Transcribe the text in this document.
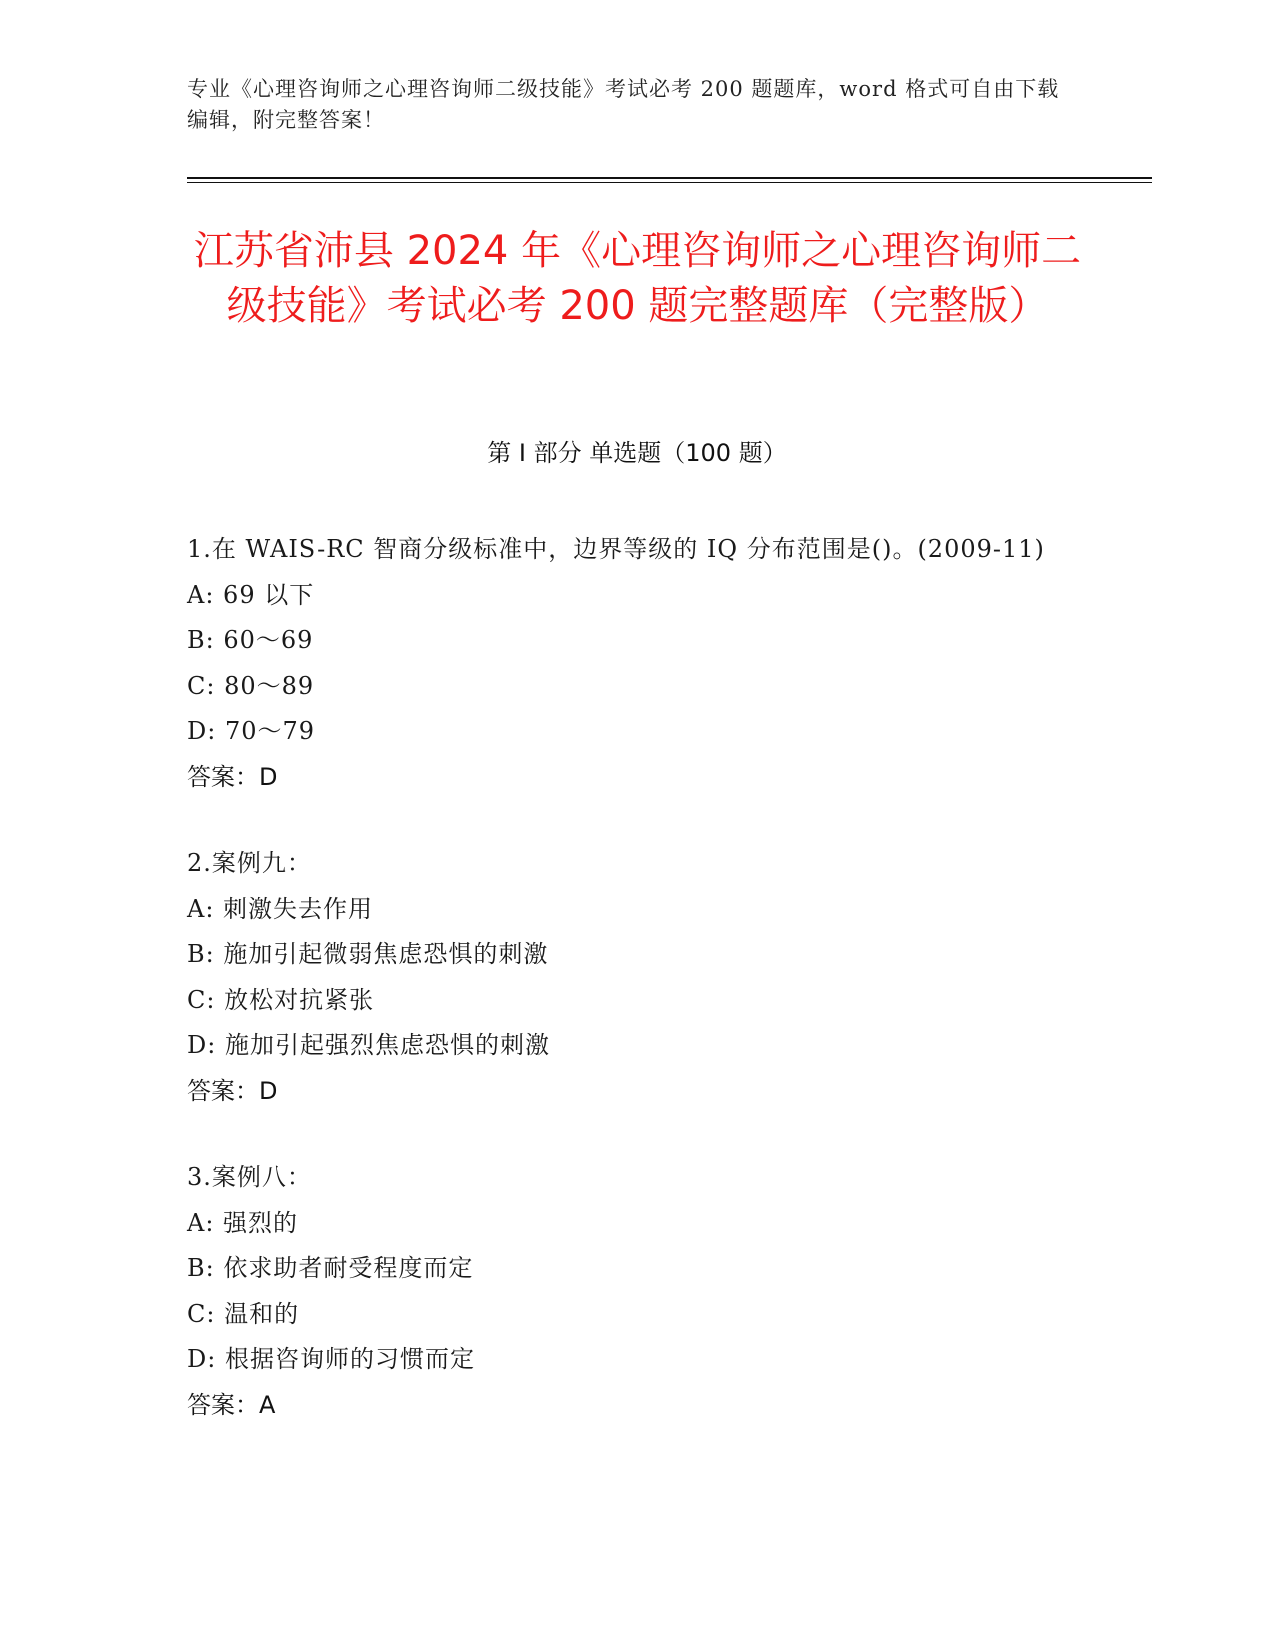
专业《心理咨询师之心理咨询师二级技能》考试必考 200 题题库，word 格式可自由下载编辑，附完整答案！
江苏省沛县 2024 年《心理咨询师之心理咨询师二级技能》考试必考 200 题完整题库（完整版）
第 I 部分 单选题（100 题）
1.在 WAIS-RC 智商分级标准中，边界等级的 IQ 分布范围是()。(2009-11)
A: 69 以下
B: 60～69
C: 80～89
D: 70～79
答案：D
2.案例九：
A: 刺激失去作用
B: 施加引起微弱焦虑恐惧的刺激
C: 放松对抗紧张
D: 施加引起强烈焦虑恐惧的刺激
答案：D
3.案例八：
A: 强烈的
B: 依求助者耐受程度而定
C: 温和的
D: 根据咨询师的习惯而定
答案：A
